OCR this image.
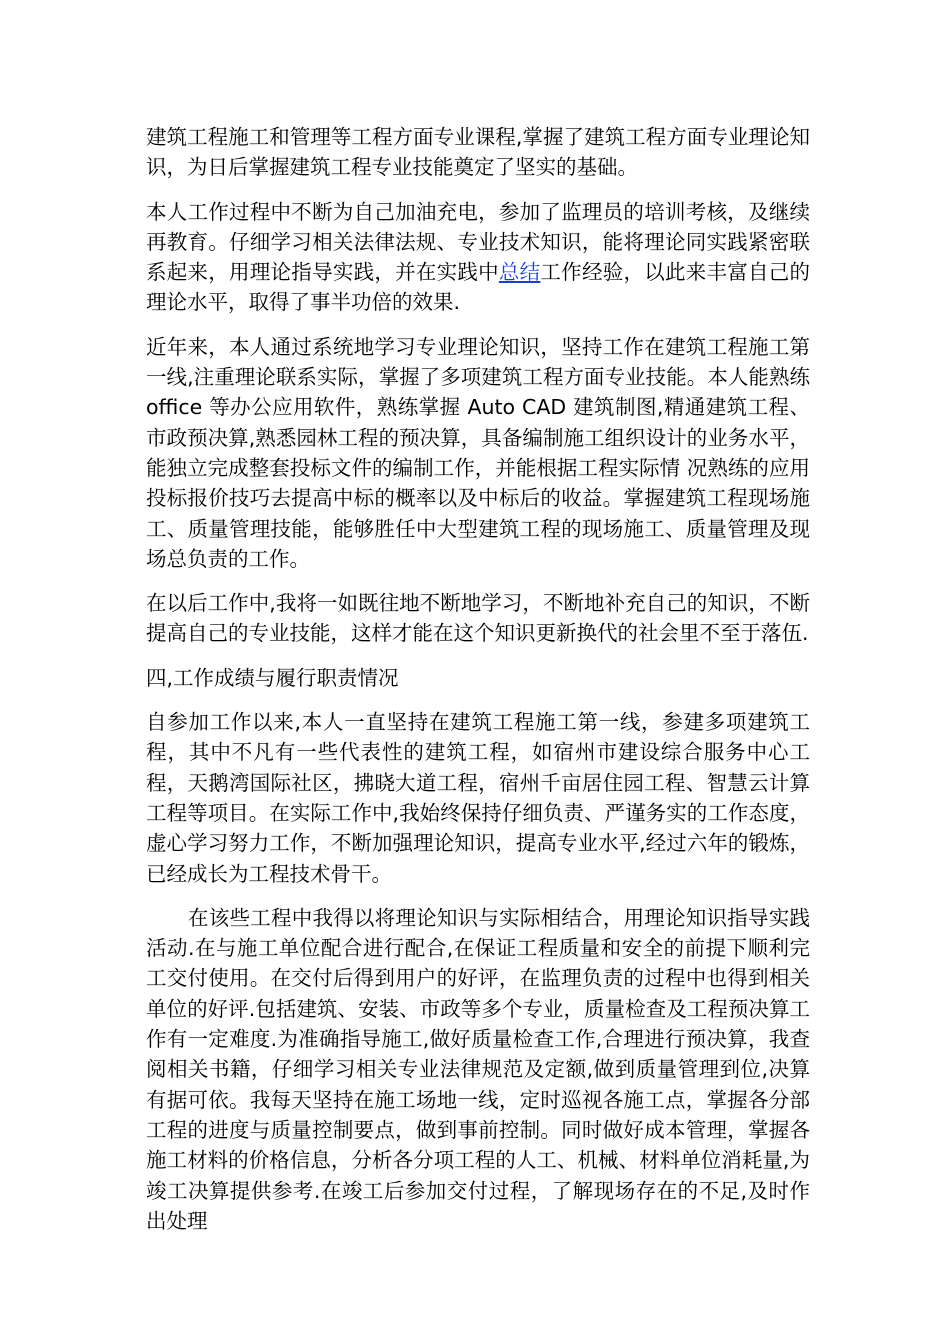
建筑工程施工和管理等工程方面专业课程,掌握了建筑工程方面专业理论知识，为日后掌握建筑工程专业技能奠定了坚实的基础。

本人工作过程中不断为自己加油充电，参加了监理员的培训考核，及继续再教育。仔细学习相关法律法规、专业技术知识，能将理论同实践紧密联系起来，用理论指导实践，并在实践中总结工作经验，以此来丰富自己的理论水平，取得了事半功倍的效果.

近年来，本人通过系统地学习专业理论知识，坚持工作在建筑工程施工第一线,注重理论联系实际，掌握了多项建筑工程方面专业技能。本人能熟练 office 等办公应用软件，熟练掌握 Auto CAD 建筑制图,精通建筑工程、市政预决算,熟悉园林工程的预决算，具备编制施工组织设计的业务水平，能独立完成整套投标文件的编制工作，并能根据工程实际情 况熟练的应用投标报价技巧去提高中标的概率以及中标后的收益。掌握建筑工程现场施工、质量管理技能，能够胜任中大型建筑工程的现场施工、质量管理及现场总负责的工作。

在以后工作中,我将一如既往地不断地学习，不断地补充自己的知识，不断提高自己的专业技能，这样才能在这个知识更新换代的社会里不至于落伍.

四,工作成绩与履行职责情况

自参加工作以来,本人一直坚持在建筑工程施工第一线，参建多项建筑工程，其中不凡有一些代表性的建筑工程，如宿州市建设综合服务中心工程，天鹅湾国际社区，拂晓大道工程，宿州千亩居住园工程、智慧云计算工程等项目。在实际工作中,我始终保持仔细负责、严谨务实的工作态度，虚心学习努力工作，不断加强理论知识，提高专业水平,经过六年的锻炼，已经成长为工程技术骨干。

在该些工程中我得以将理论知识与实际相结合，用理论知识指导实践活动.在与施工单位配合进行配合,在保证工程质量和安全的前提下顺利完工交付使用。在交付后得到用户的好评，在监理负责的过程中也得到相关单位的好评.包括建筑、安装、市政等多个专业，质量检查及工程预决算工作有一定难度.为准确指导施工,做好质量检查工作,合理进行预决算，我查阅相关书籍，仔细学习相关专业法律规范及定额,做到质量管理到位,决算有据可依。我每天坚持在施工场地一线，定时巡视各施工点，掌握各分部工程的进度与质量控制要点，做到事前控制。同时做好成本管理，掌握各施工材料的价格信息，分析各分项工程的人工、机械、材料单位消耗量,为竣工决算提供参考.在竣工后参加交付过程，了解现场存在的不足,及时作出处理
